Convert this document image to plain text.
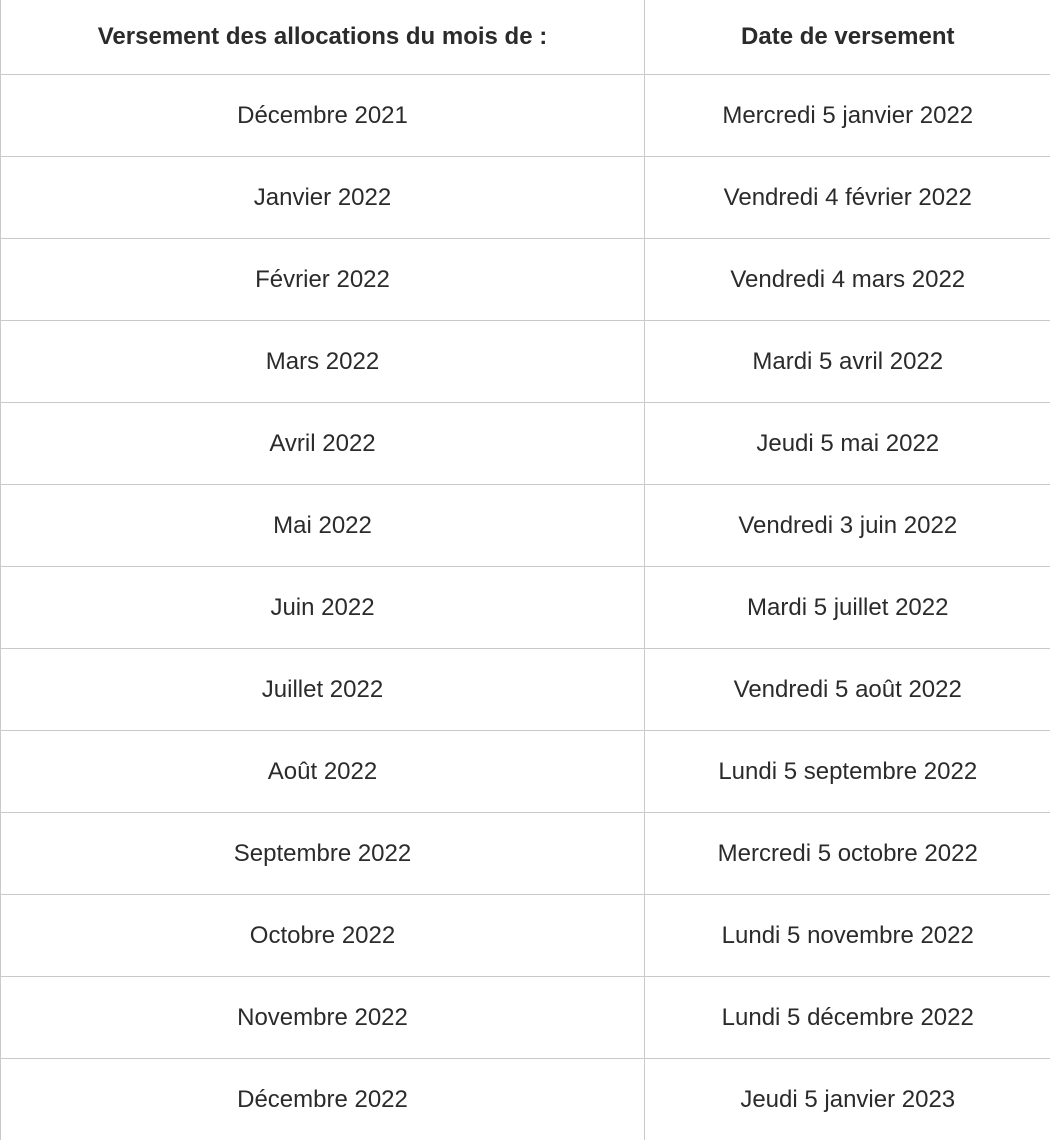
Versement des allocations du mois de :	Date de versement
Décembre 2021	Mercredi 5 janvier 2022
Janvier 2022	Vendredi 4 février 2022
Février 2022	Vendredi 4 mars 2022
Mars 2022	Mardi 5 avril 2022
Avril 2022	Jeudi 5 mai 2022
Mai 2022	Vendredi 3 juin 2022
Juin 2022	Mardi 5 juillet 2022
Juillet 2022	Vendredi 5 août 2022
Août 2022	Lundi 5 septembre 2022
Septembre 2022	Mercredi 5 octobre 2022
Octobre 2022	Lundi 5 novembre 2022
Novembre 2022	Lundi 5 décembre 2022
Décembre 2022	Jeudi 5 janvier 2023
